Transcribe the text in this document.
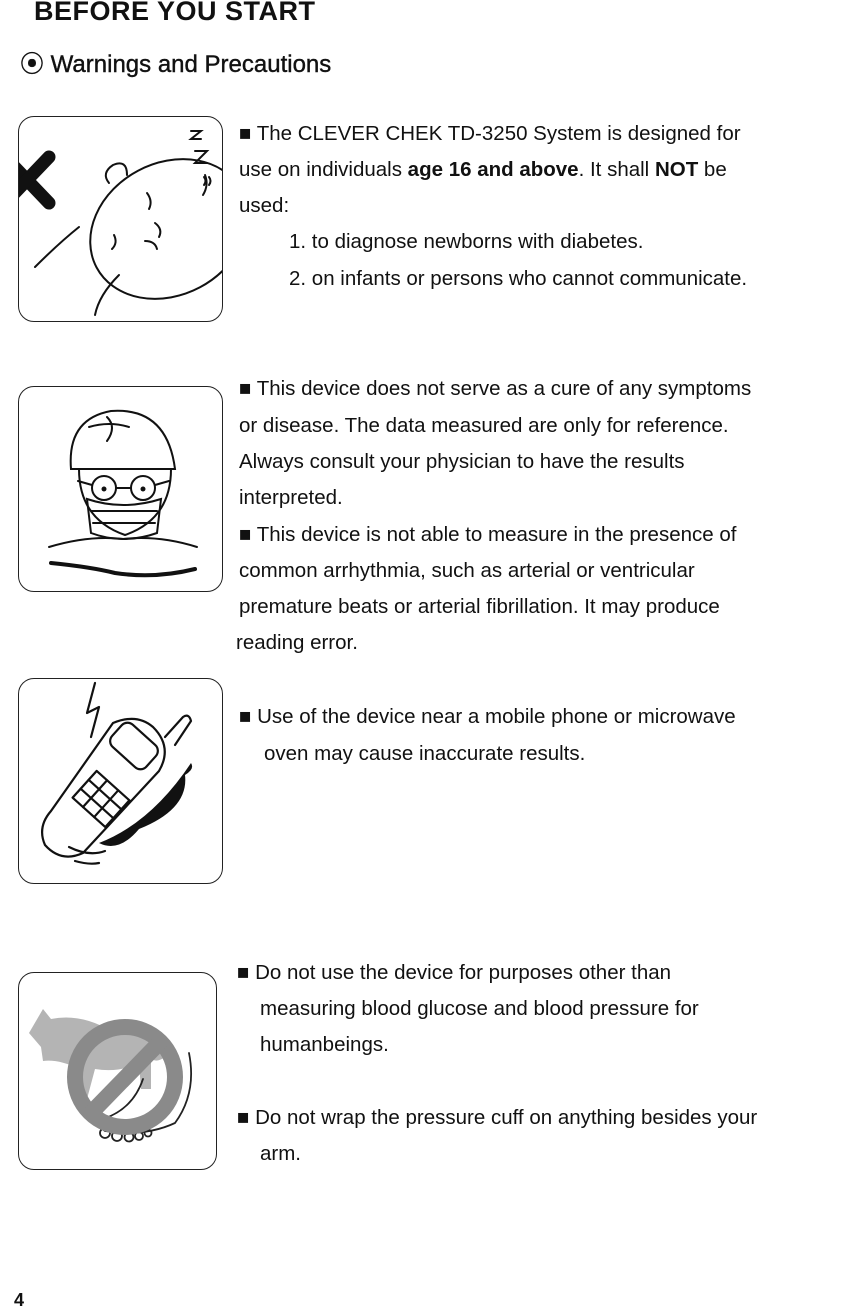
BEFORE YOU START
⦿ Warnings and Precautions
■ The CLEVER CHEK TD-3250 System is designed for
use on individuals age 16 and above. It shall NOT be
used:
1. to diagnose newborns with diabetes.
2. on infants or persons who cannot communicate.
■ This device does not serve as a cure of any symptoms
or disease. The data measured are only for reference.
Always consult your physician to have the results
interpreted.
■ This device is not able to measure in the presence of
common arrhythmia, such as arterial or ventricular
premature beats or arterial fibrillation. It may produce
reading error.
■ Use of the device near a mobile phone or microwave
oven may cause inaccurate results.
■ Do not use the device for purposes other than
measuring blood glucose and blood pressure for
humanbeings.
■ Do not wrap the pressure cuff on anything besides your
arm.
4
